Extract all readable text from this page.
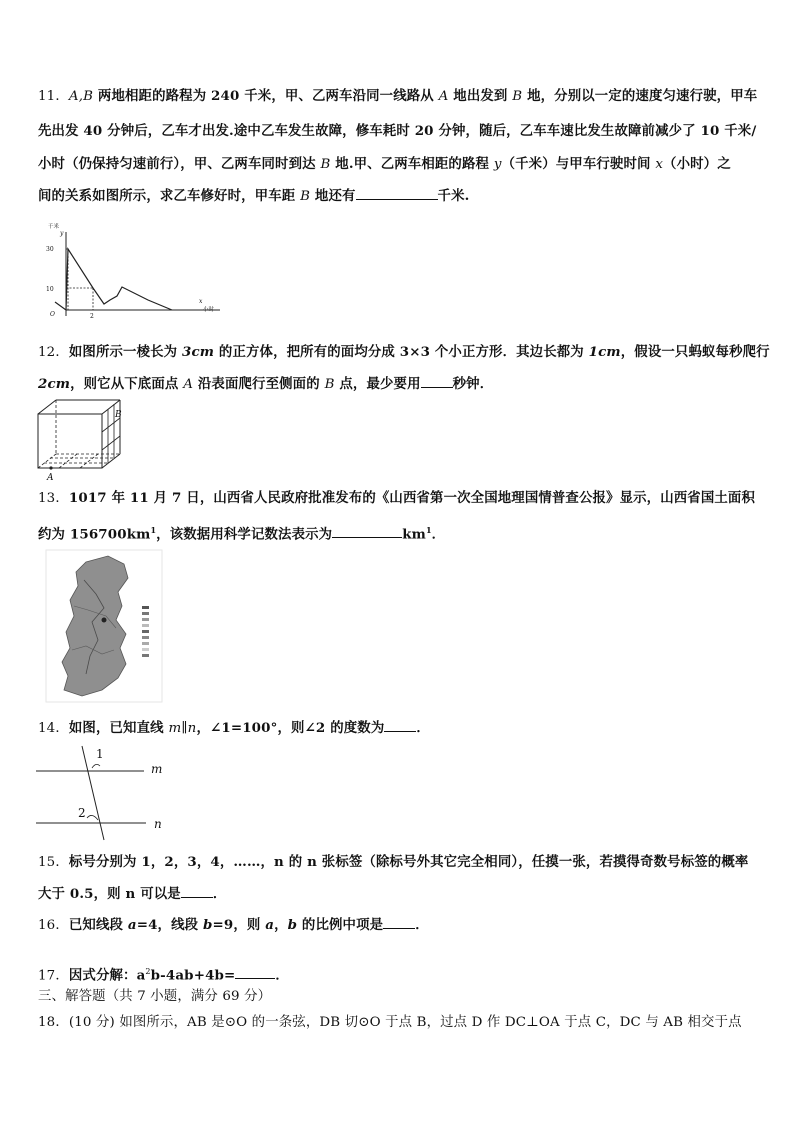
11．A,B 两地相距的路程为 240 千米，甲、乙两车沿同一线路从 A 地出发到 B 地，分别以一定的速度匀速行驶，甲车
先出发 40 分钟后，乙车才出发.途中乙车发生故障，修车耗时 20 分钟，随后，乙车车速比发生故障前减少了 10 千米/
小时（仍保持匀速前行），甲、乙两车同时到达 B 地.甲、乙两车相距的路程 y（千米）与甲车行驶时间 x（小时）之
间的关系如图所示，求乙车修好时，甲车距 B 地还有	千米.
千米
y
30
10
O	2
x
小时
12．如图所示一棱长为 3cm 的正方体，把所有的面均分成 3×3 个小正方形．其边长都为 1cm，假设一只蚂蚁每秒爬行
2cm，则它从下底面点 A 沿表面爬行至侧面的 B 点，最少要用 秒钟．
A
B
13．1017 年 11 月 7 日，山西省人民政府批准发布的《山西省第一次全国地理国情普查公报》显示，山西省国土面积
约为 $156700km^1$，该数据用科学记数法表示为	$km^1$．
14．如图，已知直线 m∥n，∠1=100°，则∠2 的度数为 ．
1
2
m
n
15．标号分别为 1，2，3，4，……，n 的 n 张标签（除标号外其它完全相同），任摸一张，若摸得奇数号标签的概率
大于 0.5，则 n 可以是 ．
16．已知线段 a=4，线段 b=9，则 a，b 的比例中项是 ．
17．因式分解：$a^2b-4ab+4b=$	．
三、解答题（共 7 小题，满分 69 分）
18．(10 分) 如图所示，AB 是⊙O 的一条弦，DB 切⊙O 于点 B，过点 D 作 DC⊥OA 于点 C，DC 与 AB 相交于点
